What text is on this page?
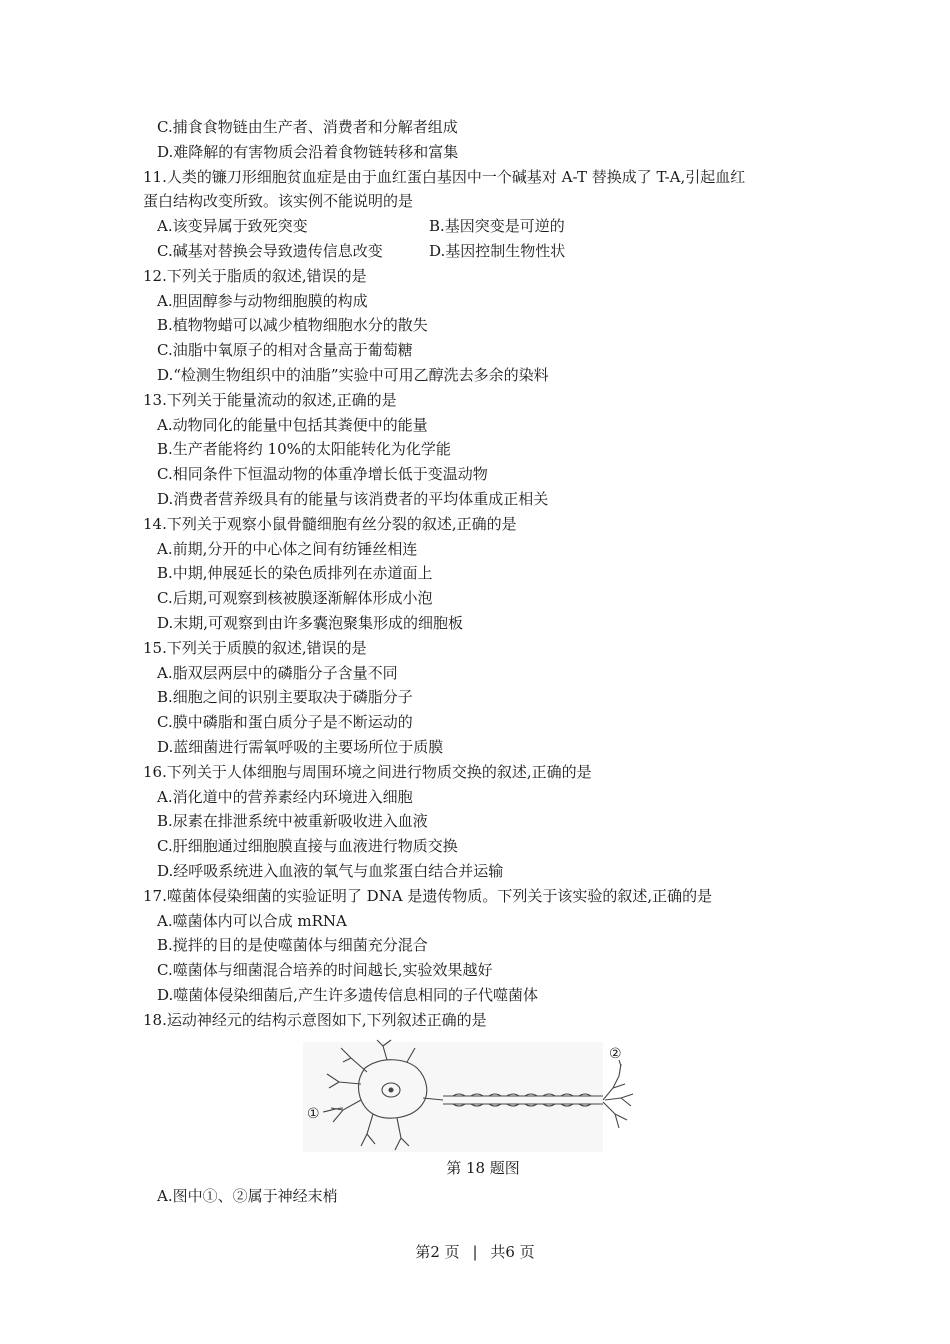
C.捕食食物链由生产者、消费者和分解者组成
D.难降解的有害物质会沿着食物链转移和富集
11.人类的镰刀形细胞贫血症是由于血红蛋白基因中一个碱基对 A-T 替换成了 T-A,引起血红
蛋白结构改变所致。该实例不能说明的是
A.该变异属于致死突变	B.基因突变是可逆的
C.碱基对替换会导致遗传信息改变	D.基因控制生物性状
12.下列关于脂质的叙述,错误的是
A.胆固醇参与动物细胞膜的构成
B.植物物蜡可以减少植物细胞水分的散失
C.油脂中氧原子的相对含量高于葡萄糖
D.“检测生物组织中的油脂”实验中可用乙醇洗去多余的染料
13.下列关于能量流动的叙述,正确的是
A.动物同化的能量中包括其粪便中的能量
B.生产者能将约 10%的太阳能转化为化学能
C.相同条件下恒温动物的体重净增长低于变温动物
D.消费者营养级具有的能量与该消费者的平均体重成正相关
14.下列关于观察小鼠骨髓细胞有丝分裂的叙述,正确的是
A.前期,分开的中心体之间有纺锤丝相连
B.中期,伸展延长的染色质排列在赤道面上
C.后期,可观察到核被膜逐渐解体形成小泡
D.末期,可观察到由许多囊泡聚集形成的细胞板
15.下列关于质膜的叙述,错误的是
A.脂双层两层中的磷脂分子含量不同
B.细胞之间的识别主要取决于磷脂分子
C.膜中磷脂和蛋白质分子是不断运动的
D.蓝细菌进行需氧呼吸的主要场所位于质膜
16.下列关于人体细胞与周围环境之间进行物质交换的叙述,正确的是
A.消化道中的营养素经内环境进入细胞
B.尿素在排泄系统中被重新吸收进入血液
C.肝细胞通过细胞膜直接与血液进行物质交换
D.经呼吸系统进入血液的氧气与血浆蛋白结合并运输
17.噬菌体侵染细菌的实验证明了 DNA 是遗传物质。下列关于该实验的叙述,正确的是
A.噬菌体内可以合成 mRNA
B.搅拌的目的是使噬菌体与细菌充分混合
C.噬菌体与细菌混合培养的时间越长,实验效果越好
D.噬菌体侵染细菌后,产生许多遗传信息相同的子代噬菌体
18.运动神经元的结构示意图如下,下列叙述正确的是
①
②
第 18 题图
A.图中①、②属于神经末梢
第2 页 | 共6 页
